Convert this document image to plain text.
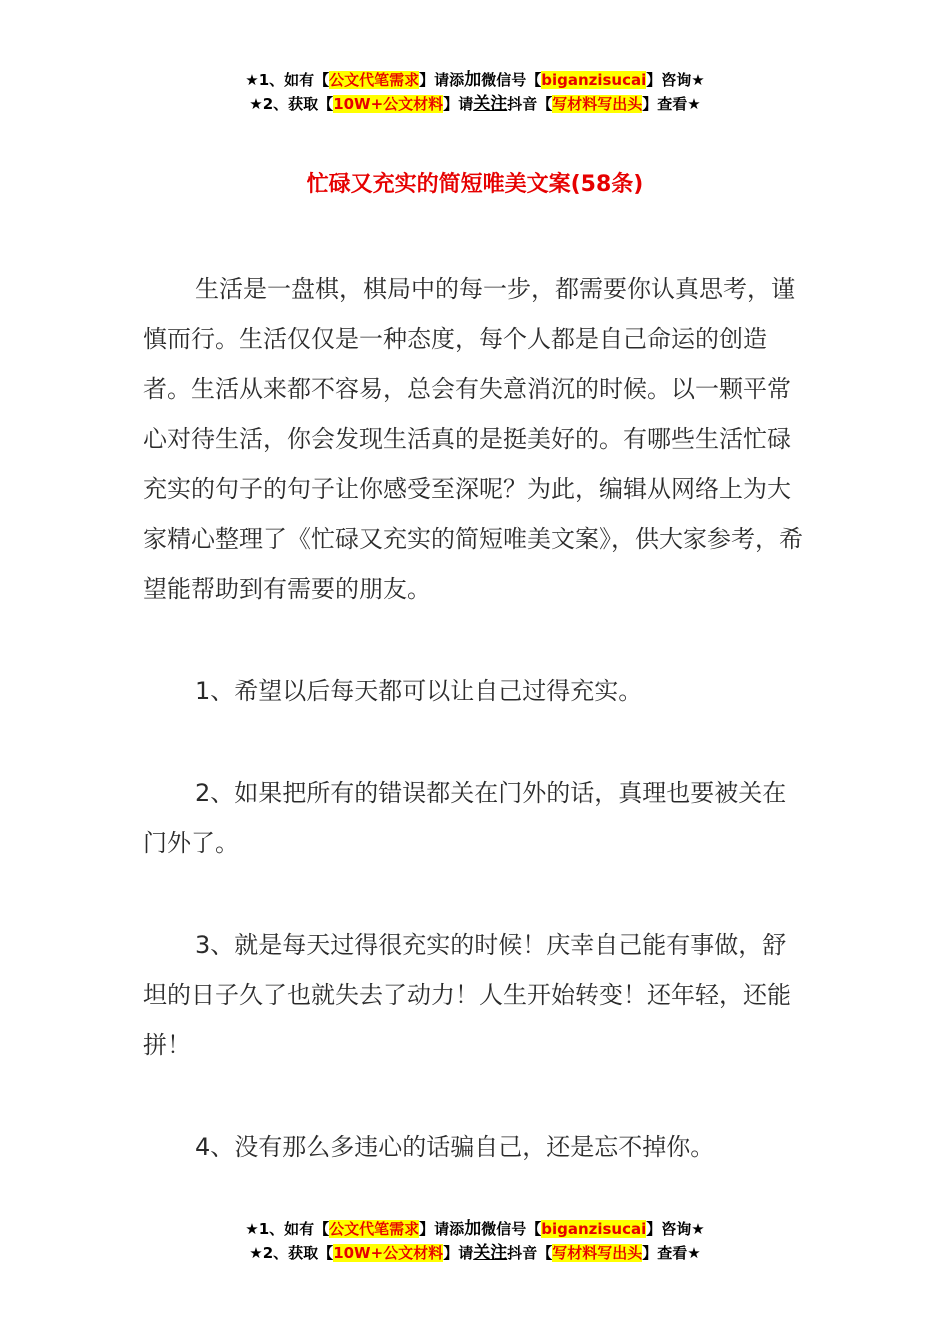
★1、如有【公文代笔需求】请添加微信号【biganzisucai】咨询★
★2、获取【10W+公文材料】请关注抖音【写材料写出头】查看★
忙碌又充实的简短唯美文案(58条)

生活是一盘棋，棋局中的每一步，都需要你认真思考，谨慎而行。生活仅仅是一种态度，每个人都是自己命运的创造者。生活从来都不容易，总会有失意消沉的时候。以一颗平常心对待生活，你会发现生活真的是挺美好的。有哪些生活忙碌充实的句子的句子让你感受至深呢？为此，编辑从网络上为大家精心整理了《忙碌又充实的简短唯美文案》，供大家参考，希望能帮助到有需要的朋友。

1、希望以后每天都可以让自己过得充实。

2、如果把所有的错误都关在门外的话，真理也要被关在门外了。

3、就是每天过得很充实的时候！庆幸自己能有事做，舒坦的日子久了也就失去了动力！人生开始转变！还年轻，还能拼！

4、没有那么多违心的话骗自己，还是忘不掉你。

★1、如有【公文代笔需求】请添加微信号【biganzisucai】咨询★
★2、获取【10W+公文材料】请关注抖音【写材料写出头】查看★
